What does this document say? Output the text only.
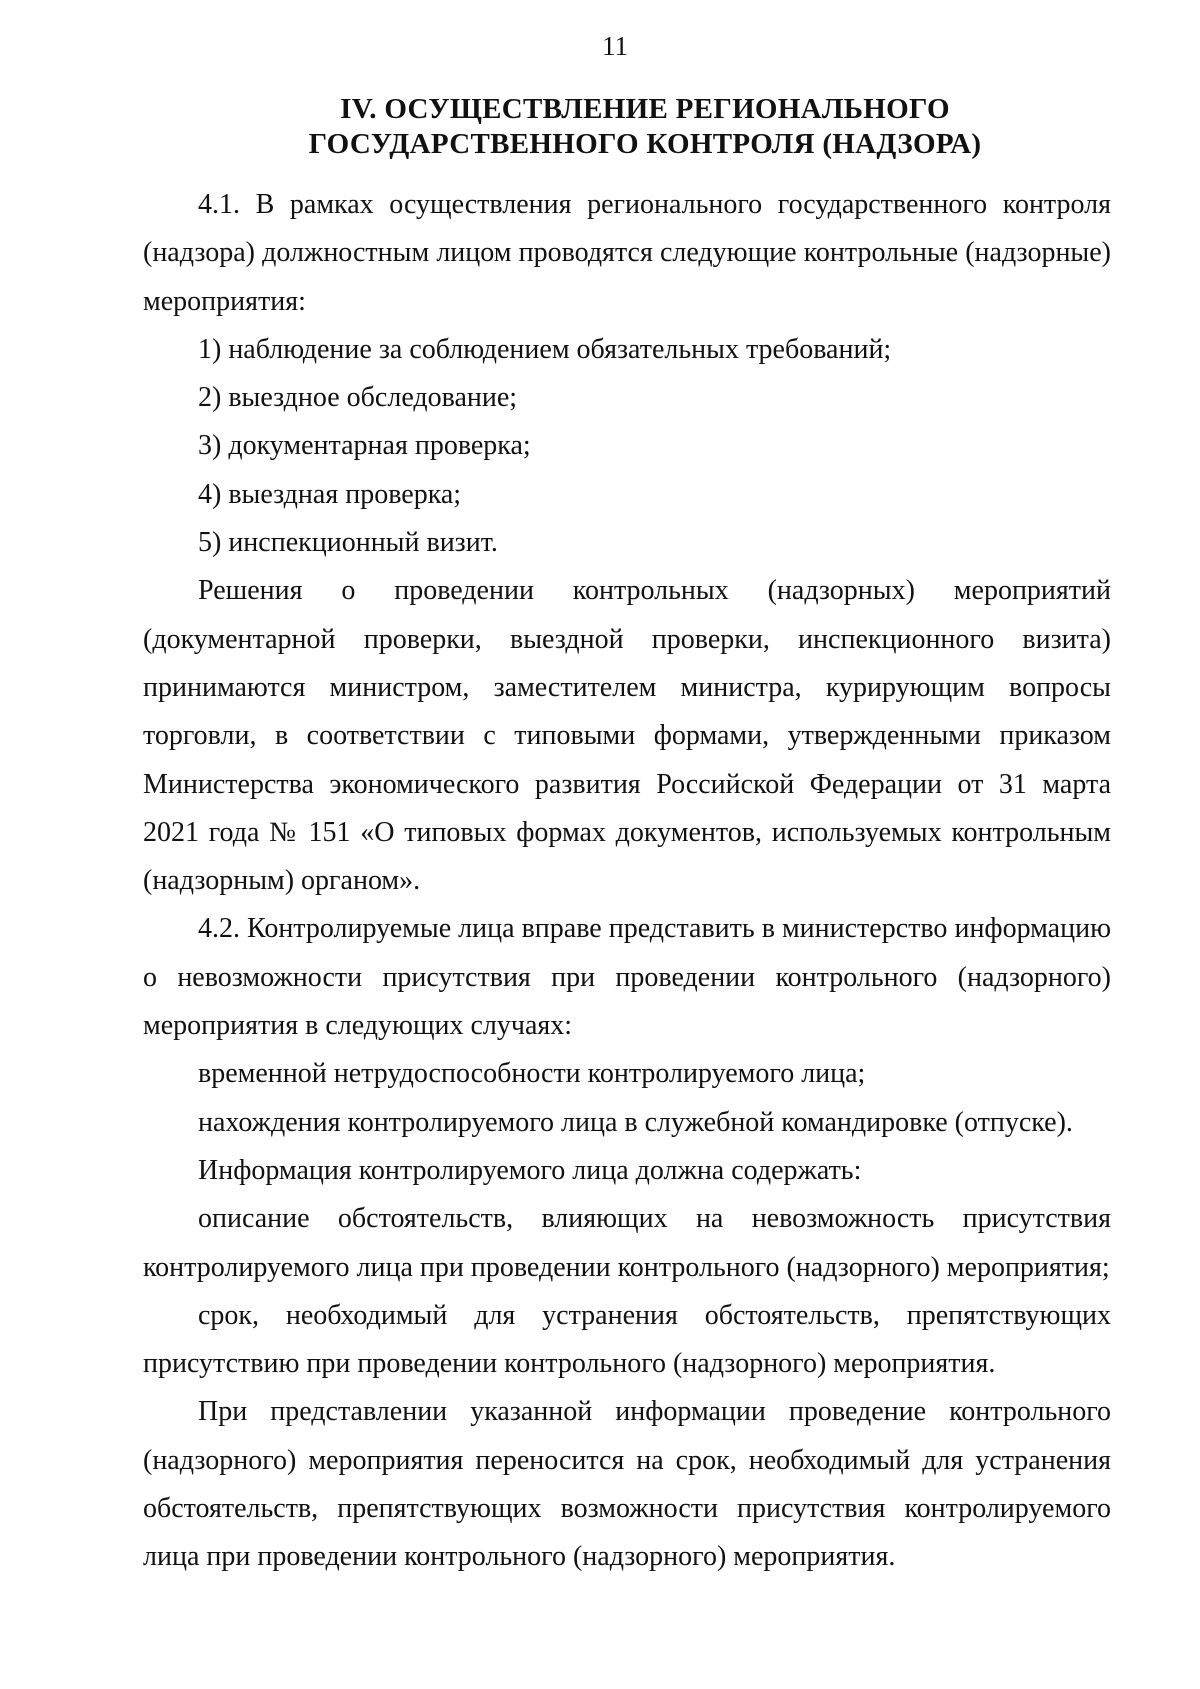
11
IV. ОСУЩЕСТВЛЕНИЕ РЕГИОНАЛЬНОГО
ГОСУДАРСТВЕННОГО КОНТРОЛЯ (НАДЗОРА)

4.1. В рамках осуществления регионального государственного контроля (надзора) должностным лицом проводятся следующие контрольные (надзорные) мероприятия:

1) наблюдение за соблюдением обязательных требований;

2) выездное обследование;

3) документарная проверка;

4) выездная проверка;

5) инспекционный визит.

Решения о проведении контрольных (надзорных) мероприятий (документарной проверки, выездной проверки, инспекционного визита) принимаются министром, заместителем министра, курирующим вопросы торговли, в соответствии с типовыми формами, утвержденными приказом Министерства экономического развития Российской Федерации от 31 марта 2021 года № 151 «О типовых формах документов, используемых контрольным (надзорным) органом».

4.2. Контролируемые лица вправе представить в министерство информацию о невозможности присутствия при проведении контрольного (надзорного) мероприятия в следующих случаях:

временной нетрудоспособности контролируемого лица;

нахождения контролируемого лица в служебной командировке (отпуске).

Информация контролируемого лица должна содержать:

описание обстоятельств, влияющих на невозможность присутствия контролируемого лица при проведении контрольного (надзорного) мероприятия;

срок, необходимый для устранения обстоятельств, препятствующих присутствию при проведении контрольного (надзорного) мероприятия.

При представлении указанной информации проведение контрольного (надзорного) мероприятия переносится на срок, необходимый для устранения обстоятельств, препятствующих возможности присутствия контролируемого лица при проведении контрольного (надзорного) мероприятия.
